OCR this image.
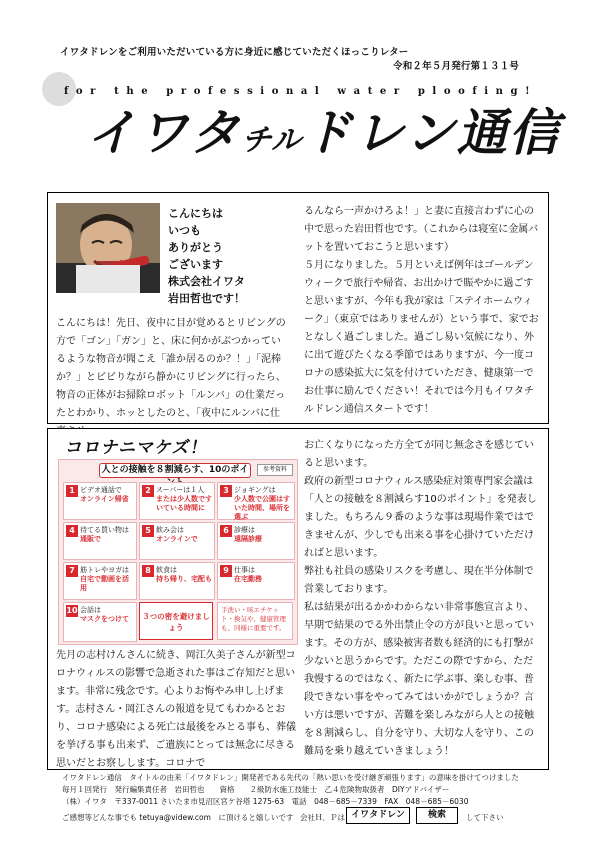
イワタドレンをご利用いただいている方に身近に感じていただくほっこりレター
令和２年５月発行第１３１号
for the professional water ploofing!
イワタチルドレン通信
こんにちは
いつも
ありがとう
ございます
株式会社イワタ
岩田哲也です！
こんにちは！先日、夜中に目が覚めるとリビングの方で「ゴン」「ガン」と、床に何かがぶつかっているような物音が聞こえ「誰か居るのか？！」「泥棒か？」とビビりながら静かにリビングに行ったら、物音の正体がお掃除ロボット「ルンバ」の仕業だったとわかり、ホッとしたのと、「夜中にルンバに仕
るんなら一声かけろよ！」と妻に直接言わずに心の中で思った岩田哲也です。（これからは寝室に金属バットを置いておこうと思います）
５月になりました。５月といえば例年はゴールデンウィークで旅行や帰省、お出かけで賑やかに過ごすと思いますが、今年も我が家は「ステイホームウィーク」（東京ではありませんが）という事で、家でおとなしく過ごしました。過ごし易い気候になり、外に出て遊びたくなる季節ではありますが、今一度コロナの感染拡大に気を付けていただき、健康第一でお仕事に励んでください！それでは今月もイワタチルドレン通信スタートです！
コロナニマケズ！
人との接触を８割減らす、10のポイ	参考資料
1 ビデオ通話で
オンライン帰省
2 スーパーは１人
または少人数ですいている時間に
3 ジョギングは
少人数で公園はすいた時間、場所を選ぶ
4 待てる買い物は
通販で
5 飲み会は
オンラインで
6 診療は
遠隔診療
7 筋トレやヨガは
自宅で動画を活用
8 飲食は
持ち帰り、宅配も
9 仕事は
在宅勤務
10 会話は
マスクをつけて	３つの密を避けましょう
手洗い・咳エチケット・換気や、健康管理も、同様に重要です。
先月の志村けんさんに続き、岡江久美子さんが新型コロナウィルスの影響で急逝された事はご存知だと思います。非常に残念です。心よりお悔やみ申し上げます。志村さん・岡江さんの報道を見てもわかるとおり、コロナ感染による死亡は最後をみとる事も、葬儀を挙げる事も出来ず、ご遺族にとっては無念に尽きる思いだとお察しします。コロナで
お亡くなりになった方全てが同じ無念さを感じていると思います。
政府の新型コロナウィルス感染症対策専門家会議は「人との接触を８割減らす10のポイント」を発表しました。もちろん９番のような事は現場作業ではできませんが、少しでも出来る事を心掛けていただければと思います。
弊社も社員の感染リスクを考慮し、現在半分体制で営業しております。
私は結果が出るかかわからない非常事態宣言より、早期で結果のでる外出禁止令の方が良いと思っています。その方が、感染被害者数も経済的にも打撃が少ないと思うからです。ただこの際ですから、ただ我慢するのではなく、新たに学ぶ事、楽しむ事、普段できない事をやってみてはいかがでしょうか？言い方は悪いですが、苦難を楽しみながら人との接触を８割減らし、自分を守り、大切な人を守り、この難局を乗り越えていきましょう！
イワタドレン通信　タイトルの由来「イワタドレン」開発者である先代の「熱い思いを受け継ぎ頑張ります」の意味を掛けてつけました
毎月１回発行　発行編集責任者　岩田哲也　　資格　　２級防水施工技能士　乙４危険物取扱者　DIYアドバイザー
（株）イワタ　〒337-0011 さいたま市見沼区宮ケ谷塔 1275-63　電話　048－685－7339　FAX　048－685－6030
ご感想等どんな事でも tetuya@videw.com　に頂けると嬉しいです 会社Ｈ．Ｐは イワタドレン	検索	して下さい
